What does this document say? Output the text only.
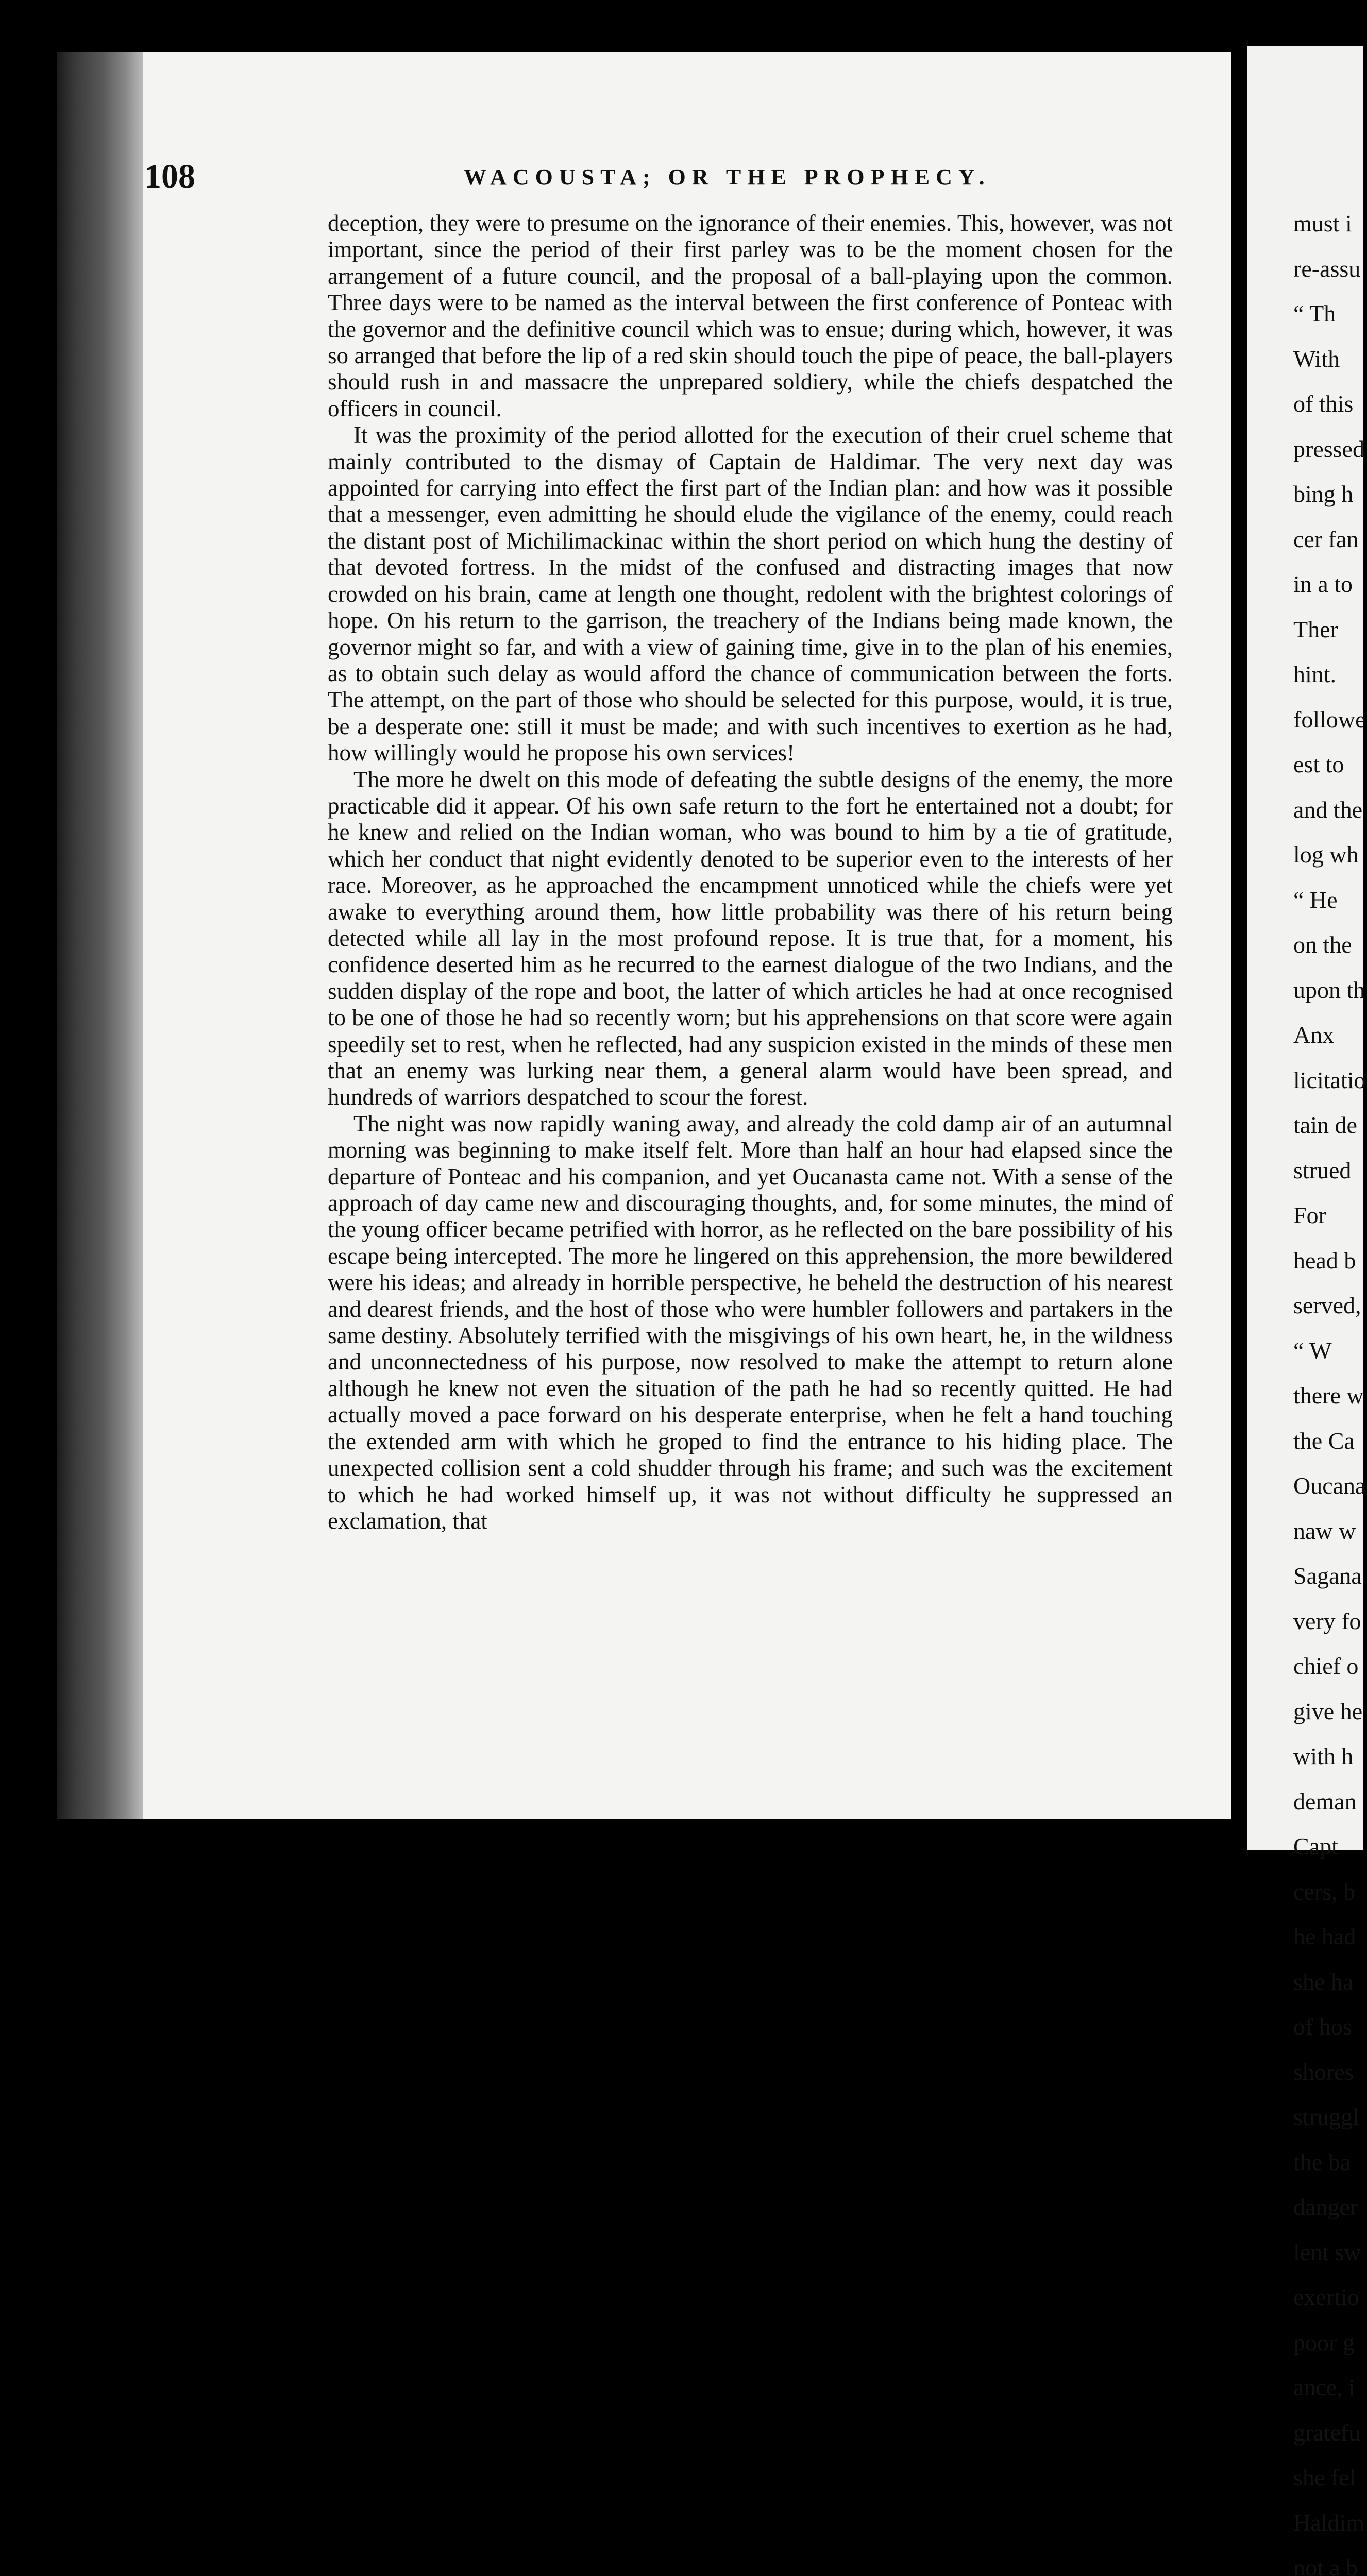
must i
re-assu
“ Th
With
of this
pressed
bing h
cer fan
in a to
Ther
hint.
followe
est to
and the
log wh
“ He
on the
upon th
Anx
licitatio
tain de
strued
For
head b
served,
“ W
there w
the Ca
Oucana
naw w
Sagana
very fo
chief o
give he
with h
deman
Capt
cers, b
he had
she ha
of hos
shores
struggl
the ba
danger
lent sw
exertio
poor g
ance, i
gratefu
she fel
Haldim
not a b
108	WACOUSTA; OR THE PROPHECY.

deception, they were to presume on the ignorance of their enemies. This, however, was not important, since the period of their first parley was to be the moment chosen for the arrangement of a future council, and the proposal of a ball-playing upon the common. Three days were to be named as the interval between the first conference of Ponteac with the governor and the definitive council which was to ensue; during which, however, it was so arranged that before the lip of a red skin should touch the pipe of peace, the ball-players should rush in and massacre the unprepared soldiery, while the chiefs despatched the officers in council.

It was the proximity of the period allotted for the execution of their cruel scheme that mainly contributed to the dismay of Captain de Haldimar. The very next day was appointed for carrying into effect the first part of the Indian plan: and how was it possible that a messenger, even admitting he should elude the vigilance of the enemy, could reach the distant post of Michilimackinac within the short period on which hung the destiny of that devoted fortress. In the midst of the confused and distracting images that now crowded on his brain, came at length one thought, redolent with the brightest colorings of hope. On his return to the garrison, the treachery of the Indians being made known, the governor might so far, and with a view of gaining time, give in to the plan of his enemies, as to obtain such delay as would afford the chance of communication between the forts. The attempt, on the part of those who should be selected for this purpose, would, it is true, be a desperate one: still it must be made; and with such incentives to exertion as he had, how willingly would he propose his own services!

The more he dwelt on this mode of defeating the subtle designs of the enemy, the more practicable did it appear. Of his own safe return to the fort he entertained not a doubt; for he knew and relied on the Indian woman, who was bound to him by a tie of gratitude, which her conduct that night evidently denoted to be superior even to the interests of her race. Moreover, as he approached the encampment unnoticed while the chiefs were yet awake to everything around them, how little probability was there of his return being detected while all lay in the most profound repose. It is true that, for a moment, his confidence deserted him as he recurred to the earnest dialogue of the two Indians, and the sudden display of the rope and boot, the latter of which articles he had at once recognised to be one of those he had so recently worn; but his apprehensions on that score were again speedily set to rest, when he reflected, had any suspicion existed in the minds of these men that an enemy was lurking near them, a general alarm would have been spread, and hundreds of warriors despatched to scour the forest.

The night was now rapidly waning away, and already the cold damp air of an autumnal morning was beginning to make itself felt. More than half an hour had elapsed since the departure of Ponteac and his companion, and yet Oucanasta came not. With a sense of the approach of day came new and discouraging thoughts, and, for some minutes, the mind of the young officer became petrified with horror, as he reflected on the bare possibility of his escape being intercepted. The more he lingered on this apprehension, the more bewildered were his ideas; and already in horrible perspective, he beheld the destruction of his nearest and dearest friends, and the host of those who were humbler followers and partakers in the same destiny. Absolutely terrified with the misgivings of his own heart, he, in the wildness and unconnectedness of his purpose, now resolved to make the attempt to return alone although he knew not even the situation of the path he had so recently quitted. He had actually moved a pace forward on his desperate enterprise, when he felt a hand touching the extended arm with which he groped to find the entrance to his hiding place. The unexpected collision sent a cold shudder through his frame; and such was the excitement to which he had worked himself up, it was not without difficulty he suppressed an exclamation, that
